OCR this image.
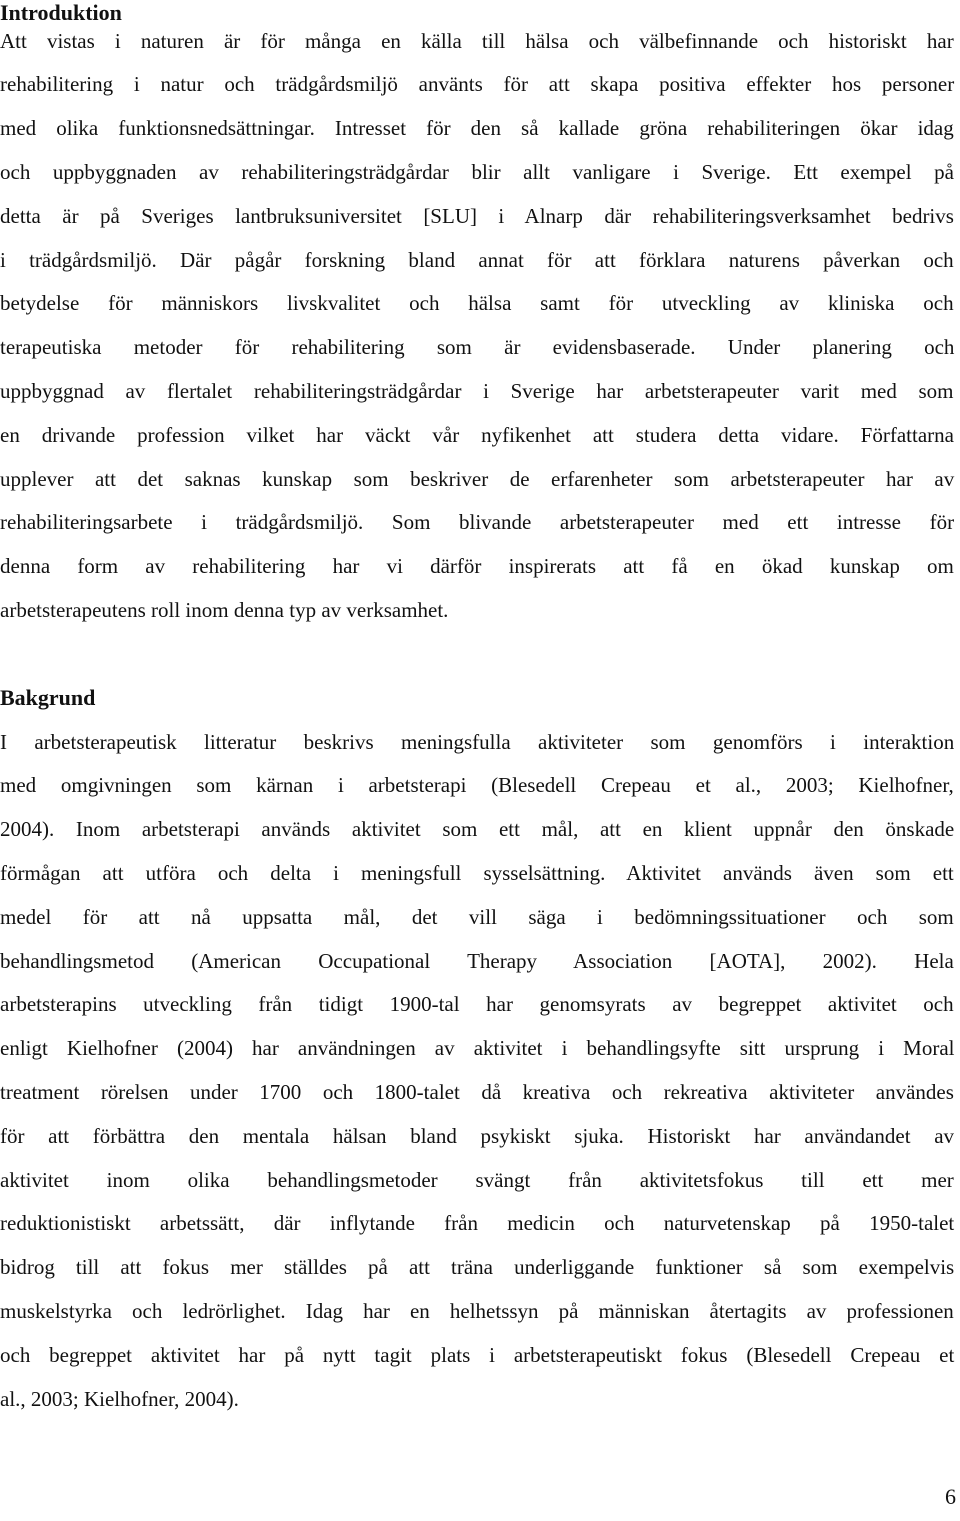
Introduktion
Att vistas i naturen är för många en källa till hälsa och välbefinnande och historiskt har
rehabilitering i natur och trädgårdsmiljö använts för att skapa positiva effekter hos personer
med olika funktionsnedsättningar. Intresset för den så kallade gröna rehabiliteringen ökar idag
och uppbyggnaden av rehabiliteringsträdgårdar blir allt vanligare i Sverige. Ett exempel på
detta är på Sveriges lantbruksuniversitet [SLU] i Alnarp där rehabiliteringsverksamhet bedrivs
i trädgårdsmiljö. Där pågår forskning bland annat för att förklara naturens påverkan och
betydelse för människors livskvalitet och hälsa samt för utveckling av kliniska och
terapeutiska metoder för rehabilitering som är evidensbaserade. Under planering och
uppbyggnad av flertalet rehabiliteringsträdgårdar i Sverige har arbetsterapeuter varit med som
en drivande profession vilket har väckt vår nyfikenhet att studera detta vidare. Författarna
upplever att det saknas kunskap som beskriver de erfarenheter som arbetsterapeuter har av
rehabiliteringsarbete i trädgårdsmiljö. Som blivande arbetsterapeuter med ett intresse för
denna form av rehabilitering har vi därför inspirerats att få en ökad kunskap om
arbetsterapeutens roll inom denna typ av verksamhet.
Bakgrund
I arbetsterapeutisk litteratur beskrivs meningsfulla aktiviteter som genomförs i interaktion
med omgivningen som kärnan i arbetsterapi (Blesedell Crepeau et al., 2003; Kielhofner,
2004). Inom arbetsterapi används aktivitet som ett mål, att en klient uppnår den önskade
förmågan att utföra och delta i meningsfull sysselsättning. Aktivitet används även som ett
medel för att nå uppsatta mål, det vill säga i bedömningssituationer och som
behandlingsmetod (American Occupational Therapy Association [AOTA], 2002). Hela
arbetsterapins utveckling från tidigt 1900-tal har genomsyrats av begreppet aktivitet och
enligt Kielhofner (2004) har användningen av aktivitet i behandlingsyfte sitt ursprung i Moral
treatment rörelsen under 1700 och 1800-talet då kreativa och rekreativa aktiviteter användes
för att förbättra den mentala hälsan bland psykiskt sjuka. Historiskt har användandet av
aktivitet inom olika behandlingsmetoder svängt från aktivitetsfokus till ett mer
reduktionistiskt arbetssätt, där inflytande från medicin och naturvetenskap på 1950-talet
bidrog till att fokus mer ställdes på att träna underliggande funktioner så som exempelvis
muskelstyrka och ledrörlighet. Idag har en helhetssyn på människan återtagits av professionen
och begreppet aktivitet har på nytt tagit plats i arbetsterapeutiskt fokus (Blesedell Crepeau et
al., 2003; Kielhofner, 2004).
6
